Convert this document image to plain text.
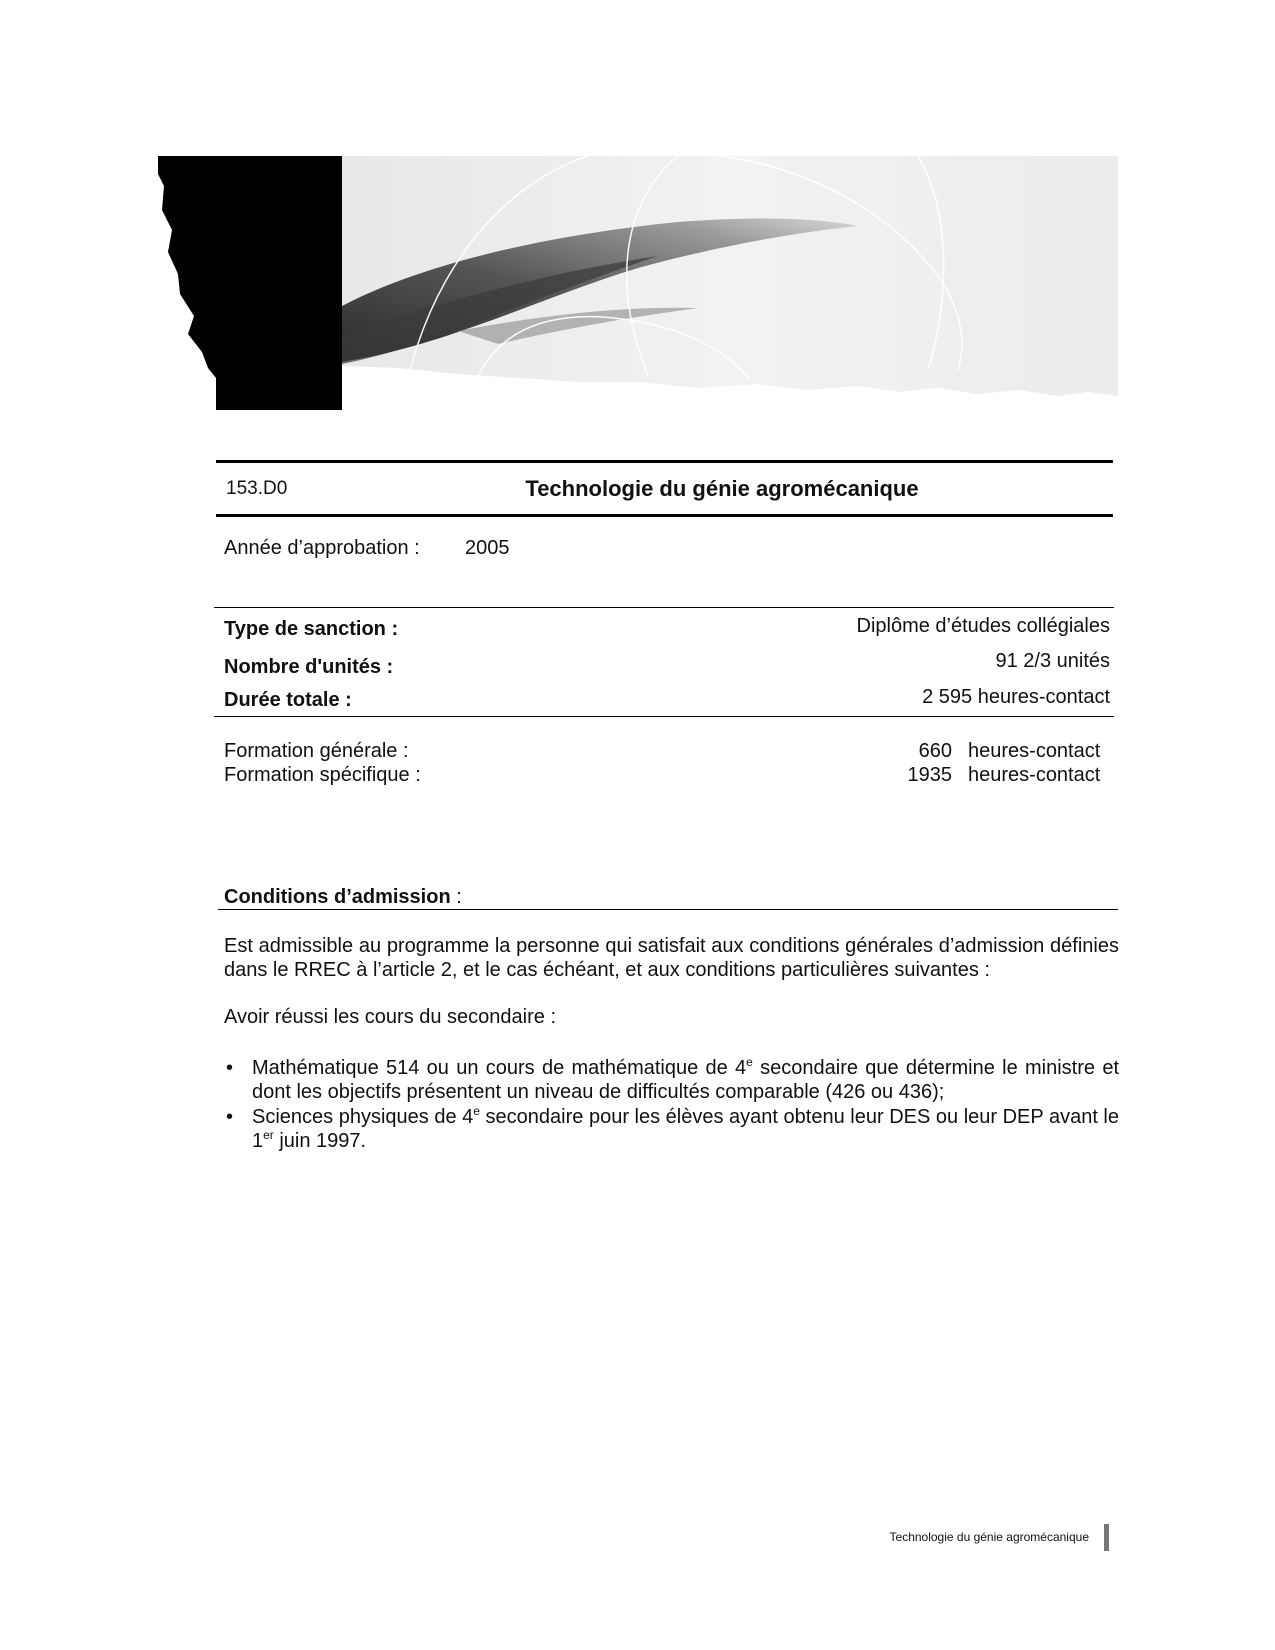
153.D0	Technologie du génie agromécanique
Année d’approbation : 2005
Type de sanction :	Diplôme d’études collégiales
Nombre d'unités :	91 2/3 unités
Durée totale :	2 595 heures-contact
Formation générale :	660 heures-contact
Formation spécifique :	1935 heures-contact
Conditions d’admission :
Est admissible au programme la personne qui satisfait aux conditions générales d’admission définies dans le RREC à l’article 2, et le cas échéant, et aux conditions particulières suivantes :
Avoir réussi les cours du secondaire :
• Mathématique 514 ou un cours de mathématique de 4e secondaire que détermine le ministre et dont les objectifs présentent un niveau de difficultés comparable (426 ou 436);
• Sciences physiques de 4e secondaire pour les élèves ayant obtenu leur DES ou leur DEP avant le 1er juin 1997.
Technologie du génie agromécanique
